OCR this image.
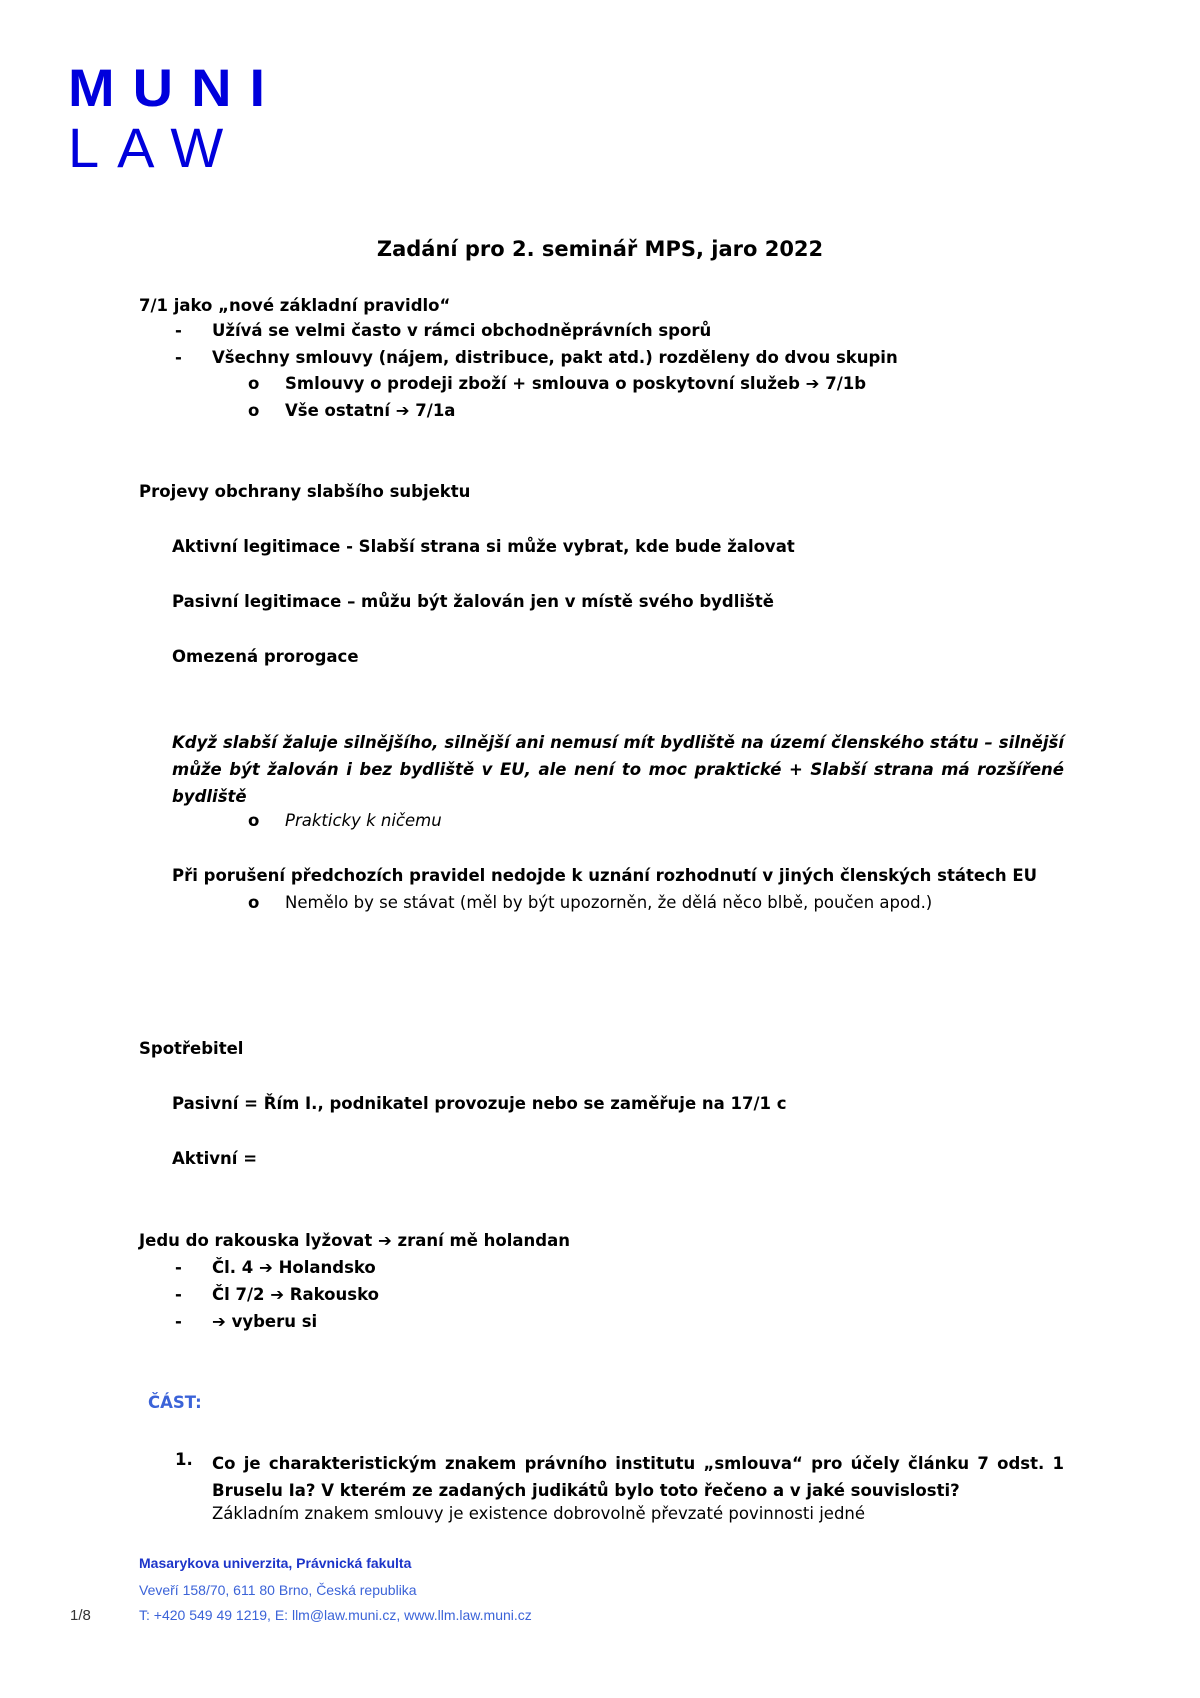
MUNI
LAW
Zadání pro 2. seminář MPS, jaro 2022
7/1 jako „nové základní pravidlo“
- Užívá se velmi často v rámci obchodněprávních sporů
- Všechny smlouvy (nájem, distribuce, pakt atd.) rozděleny do dvou skupin
o Smlouvy o prodeji zboží + smlouva o poskytovní služeb ➔ 7/1b
o Vše ostatní ➔ 7/1a
Projevy obchrany slabšího subjektu
Aktivní legitimace - Slabší strana si může vybrat, kde bude žalovat
Pasivní legitimace – můžu být žalován jen v místě svého bydliště
Omezená prorogace
Když slabší žaluje silnějšího, silnější ani nemusí mít bydliště na území členského státu – silnější může být žalován i bez bydliště v EU, ale není to moc praktické + Slabší strana má rozšířené bydliště
o Prakticky k ničemu
Při porušení předchozích pravidel nedojde k uznání rozhodnutí v jiných členských státech EU
o Nemělo by se stávat (měl by být upozorněn, že dělá něco blbě, poučen apod.)
Spotřebitel
Pasivní = Řím I., podnikatel provozuje nebo se zaměřuje na 17/1 c
Aktivní =
Jedu do rakouska lyžovat ➔ zraní mě holandan
- Čl. 4 ➔ Holandsko
- Čl 7/2 ➔ Rakousko
- ➔ vyberu si
ČÁST:
1. Co je charakteristickým znakem právního institutu „smlouva“ pro účely článku 7 odst. 1 Bruselu Ia? V kterém ze zadaných judikátů bylo toto řečeno a v jaké souvislosti?
Základním znakem smlouvy je existence dobrovolně převzaté povinnosti jedné
Masarykova univerzita, Právnická fakulta
Veveří 158/70, 611 80 Brno, Česká republika
1/8	T: +420 549 49 1219, E: llm@law.muni.cz, www.llm.law.muni.cz
